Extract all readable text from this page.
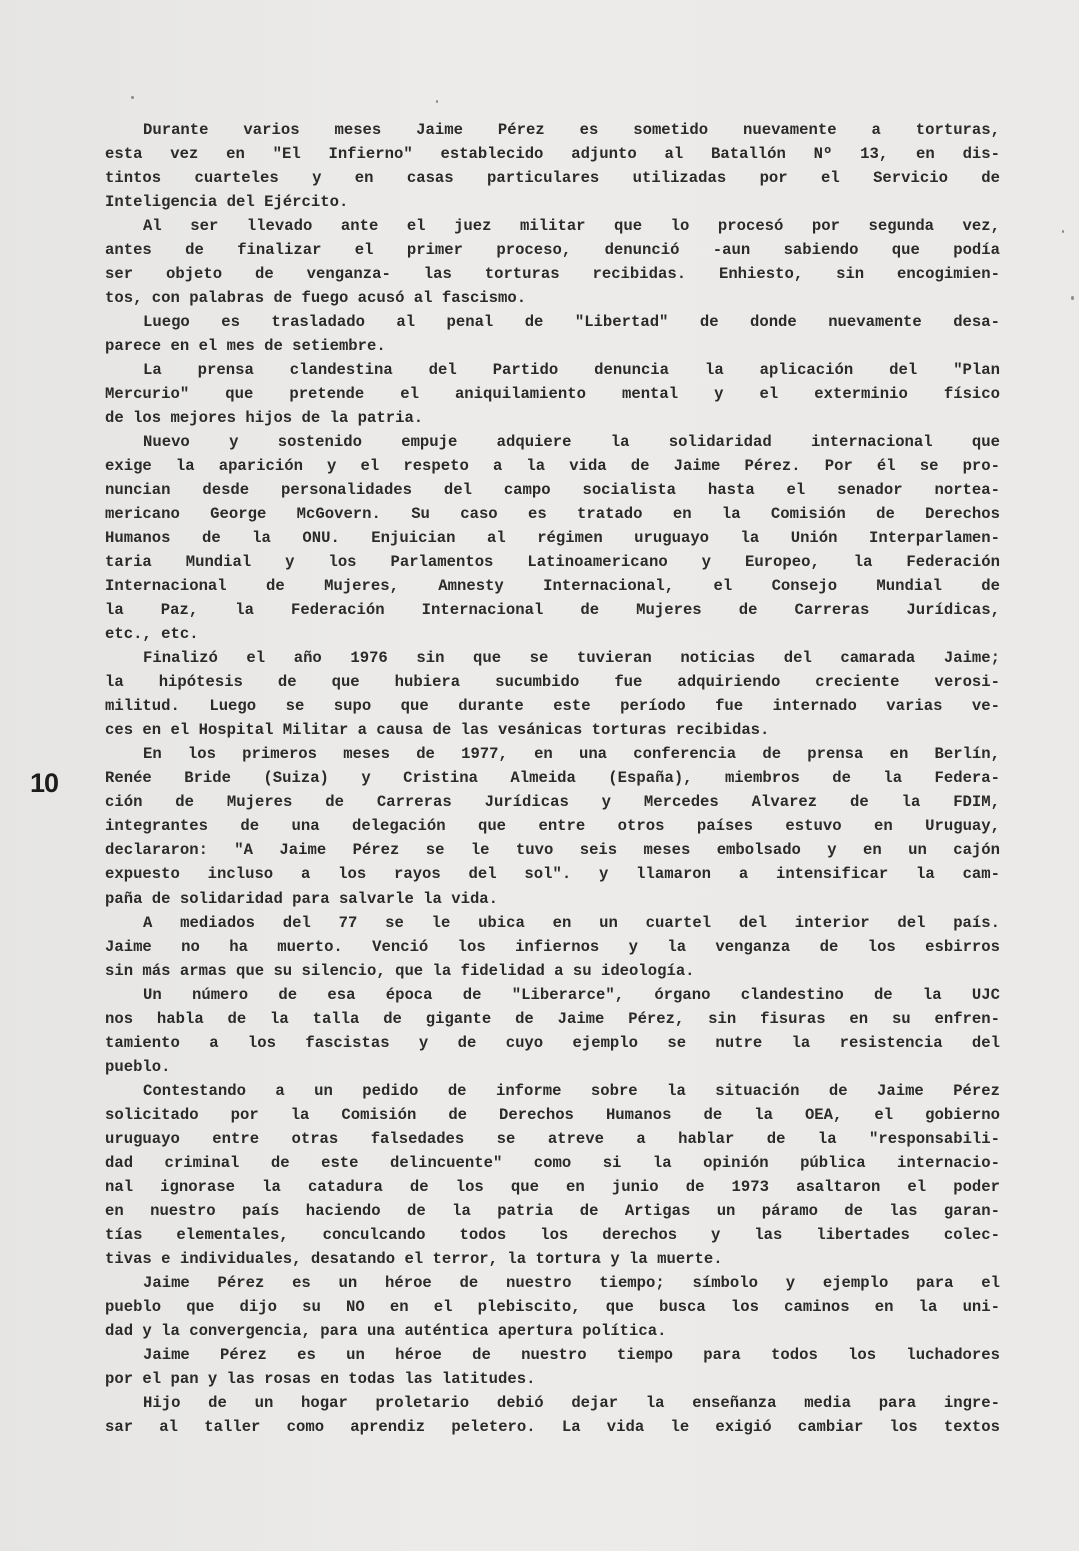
10
Durante varios meses Jaime Pérez es sometido nuevamente a torturas,
esta vez en "El Infierno" establecido adjunto al Batallón Nº 13, en dis-
tintos cuarteles y en casas particulares utilizadas por el Servicio de
Inteligencia del Ejército.
Al ser llevado ante el juez militar que lo procesó por segunda vez,
antes de finalizar el primer proceso, denunció -aun sabiendo que podía
ser objeto de venganza- las torturas recibidas. Enhiesto, sin encogimien-
tos, con palabras de fuego acusó al fascismo.
Luego es trasladado al penal de "Libertad" de donde nuevamente desa-
parece en el mes de setiembre.
La prensa clandestina del Partido denuncia la aplicación del "Plan
Mercurio" que pretende el aniquilamiento mental y el exterminio físico
de los mejores hijos de la patria.
Nuevo y sostenido empuje adquiere la solidaridad internacional que
exige la aparición y el respeto a la vida de Jaime Pérez. Por él se pro-
nuncian desde personalidades del campo socialista hasta el senador nortea-
mericano George McGovern. Su caso es tratado en la Comisión de Derechos
Humanos de la ONU. Enjuician al régimen uruguayo la Unión Interparlamen-
taria Mundial y los Parlamentos Latinoamericano y Europeo, la Federación
Internacional de Mujeres, Amnesty Internacional, el Consejo Mundial de
la Paz, la Federación Internacional de Mujeres de Carreras Jurídicas,
etc., etc.
Finalizó el año 1976 sin que se tuvieran noticias del camarada Jaime;
la hipótesis de que hubiera sucumbido fue adquiriendo creciente verosi-
militud. Luego se supo que durante este período fue internado varias ve-
ces en el Hospital Militar a causa de las vesánicas torturas recibidas.
En los primeros meses de 1977, en una conferencia de prensa en Berlín,
Renée Bride (Suiza) y Cristina Almeida (España), miembros de la Federa-
ción de Mujeres de Carreras Jurídicas y Mercedes Alvarez de la FDIM,
integrantes de una delegación que entre otros países estuvo en Uruguay,
declararon: "A Jaime Pérez se le tuvo seis meses embolsado y en un cajón
expuesto incluso a los rayos del sol". y llamaron a intensificar la cam-
paña de solidaridad para salvarle la vida.
A mediados del 77 se le ubica en un cuartel del interior del país.
Jaime no ha muerto. Venció los infiernos y la venganza de los esbirros
sin más armas que su silencio, que la fidelidad a su ideología.
Un número de esa época de "Liberarce", órgano clandestino de la UJC
nos habla de la talla de gigante de Jaime Pérez, sin fisuras en su enfren-
tamiento a los fascistas y de cuyo ejemplo se nutre la resistencia del
pueblo.
Contestando a un pedido de informe sobre la situación de Jaime Pérez
solicitado por la Comisión de Derechos Humanos de la OEA, el gobierno
uruguayo entre otras falsedades se atreve a hablar de la "responsabili-
dad criminal de este delincuente" como si la opinión pública internacio-
nal ignorase la catadura de los que en junio de 1973 asaltaron el poder
en nuestro país haciendo de la patria de Artigas un páramo de las garan-
tías elementales, conculcando todos los derechos y las libertades colec-
tivas e individuales, desatando el terror, la tortura y la muerte.
Jaime Pérez es un héroe de nuestro tiempo; símbolo y ejemplo para el
pueblo que dijo su NO en el plebiscito, que busca los caminos en la uni-
dad y la convergencia, para una auténtica apertura política.
Jaime Pérez es un héroe de nuestro tiempo para todos los luchadores
por el pan y las rosas en todas las latitudes.
Hijo de un hogar proletario debió dejar la enseñanza media para ingre-
sar al taller como aprendiz peletero. La vida le exigió cambiar los textos
